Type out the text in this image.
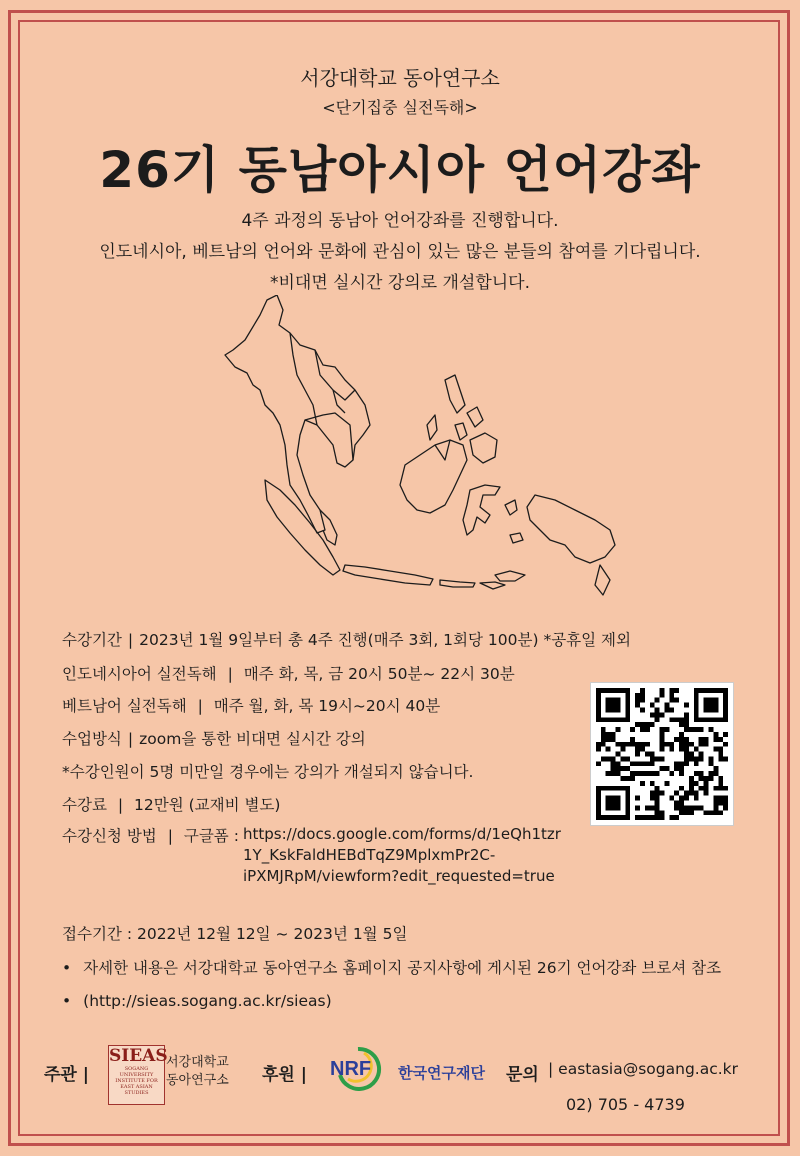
서강대학교 동아연구소
<단기집중 실전독해>
26기 동남아시아 언어강좌
4주 과정의 동남아 언어강좌를 진행합니다.
인도네시아, 베트남의 언어와 문화에 관심이 있는 많은 분들의 참여를 기다립니다.
*비대면 실시간 강의로 개설합니다.
수강기간 | 2023년 1월 9일부터 총 4주 진행(매주 3회, 1회당 100분) *공휴일 제외
인도네시아어 실전독해 | 매주 화, 목, 금 20시 50분~ 22시 30분
베트남어 실전독해 | 매주 월, 화, 목 19시~20시 40분
수업방식 | zoom을 통한 비대면 실시간 강의
*수강인원이 5명 미만일 경우에는 강의가 개설되지 않습니다.
수강료 | 12만원 (교재비 별도)
수강신청 방법 | 구글폼 : https://docs.google.com/forms/d/1eQh1tzr
1Y_KskFaldHEBdTqZ9MplxmPr2C-
iPXMJRpM/viewform?edit_requested=true
접수기간 : 2022년 12월 12일 ~ 2023년 1월 5일
• 자세한 내용은 서강대학교 동아연구소 홈페이지 공지사항에 게시된 26기 언어강좌 브로셔 참조
• (http://sieas.sogang.ac.kr/sieas)
주관 |
SIEAS
SOGANG UNIVERSITY INSTITUTE FOR EAST ASIAN STUDIES
서강대학교
동아연구소 후원 | NRF 한국연구재단 문의 | eastasia@sogang.ac.kr
02) 705 - 4739
